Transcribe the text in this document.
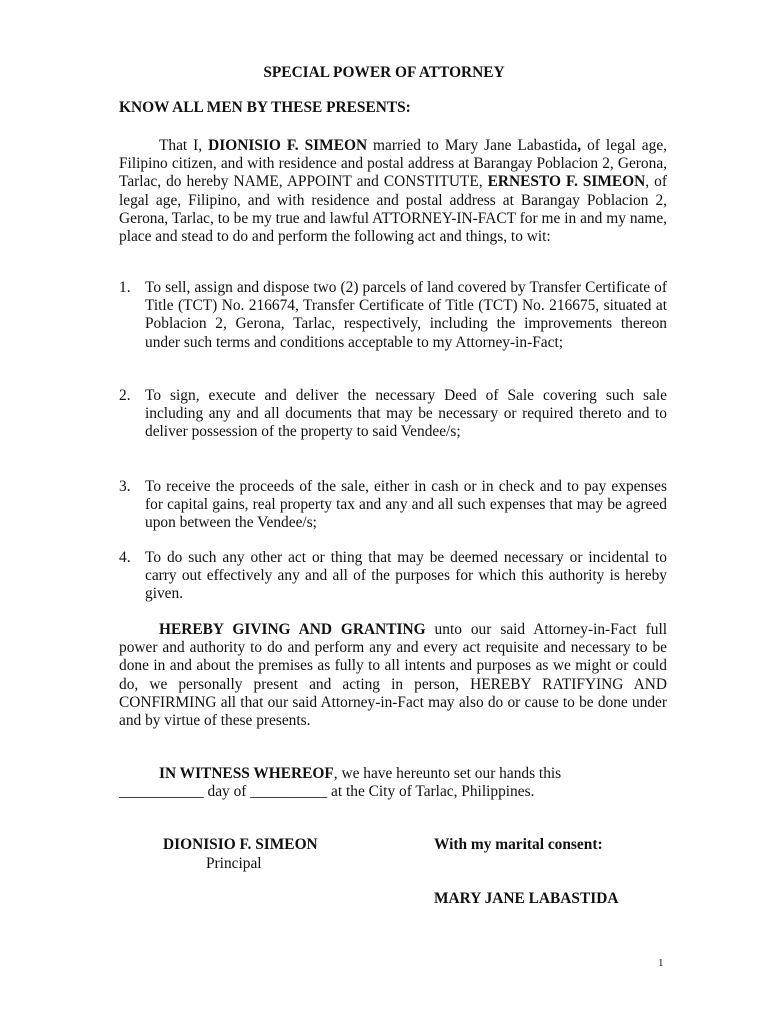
SPECIAL POWER OF ATTORNEY
KNOW ALL MEN BY THESE PRESENTS:

That I, DIONISIO F. SIMEON married to Mary Jane Labastida, of legal age, Filipino citizen, and with residence and postal address at Barangay Poblacion 2, Gerona, Tarlac, do hereby NAME, APPOINT and CONSTITUTE, ERNESTO F. SIMEON, of legal age, Filipino, and with residence and postal address at Barangay Poblacion 2, Gerona, Tarlac, to be my true and lawful ATTORNEY-IN-FACT for me in and my name, place and stead to do and perform the following act and things, to wit:

1. To sell, assign and dispose two (2) parcels of land covered by Transfer Certificate of Title (TCT) No. 216674, Transfer Certificate of Title (TCT) No. 216675, situated at Poblacion 2, Gerona, Tarlac, respectively, including the improvements thereon under such terms and conditions acceptable to my Attorney-in-Fact;
2. To sign, execute and deliver the necessary Deed of Sale covering such sale including any and all documents that may be necessary or required thereto and to deliver possession of the property to said Vendee/s;
3. To receive the proceeds of the sale, either in cash or in check and to pay expenses for capital gains, real property tax and any and all such expenses that may be agreed upon between the Vendee/s;
4. To do such any other act or thing that may be deemed necessary or incidental to carry out effectively any and all of the purposes for which this authority is hereby given.

HEREBY GIVING AND GRANTING unto our said Attorney-in-Fact full power and authority to do and perform any and every act requisite and necessary to be done in and about the premises as fully to all intents and purposes as we might or could do, we personally present and acting in person, HEREBY RATIFYING AND CONFIRMING all that our said Attorney-in-Fact may also do or cause to be done under and by virtue of these presents.

IN WITNESS WHEREOF, we have hereunto set our hands this

___________ day of __________ at the City of Tarlac, Philippines.

DIONISIO F. SIMEON
Principal
With my marital consent:
MARY JANE LABASTIDA
1
